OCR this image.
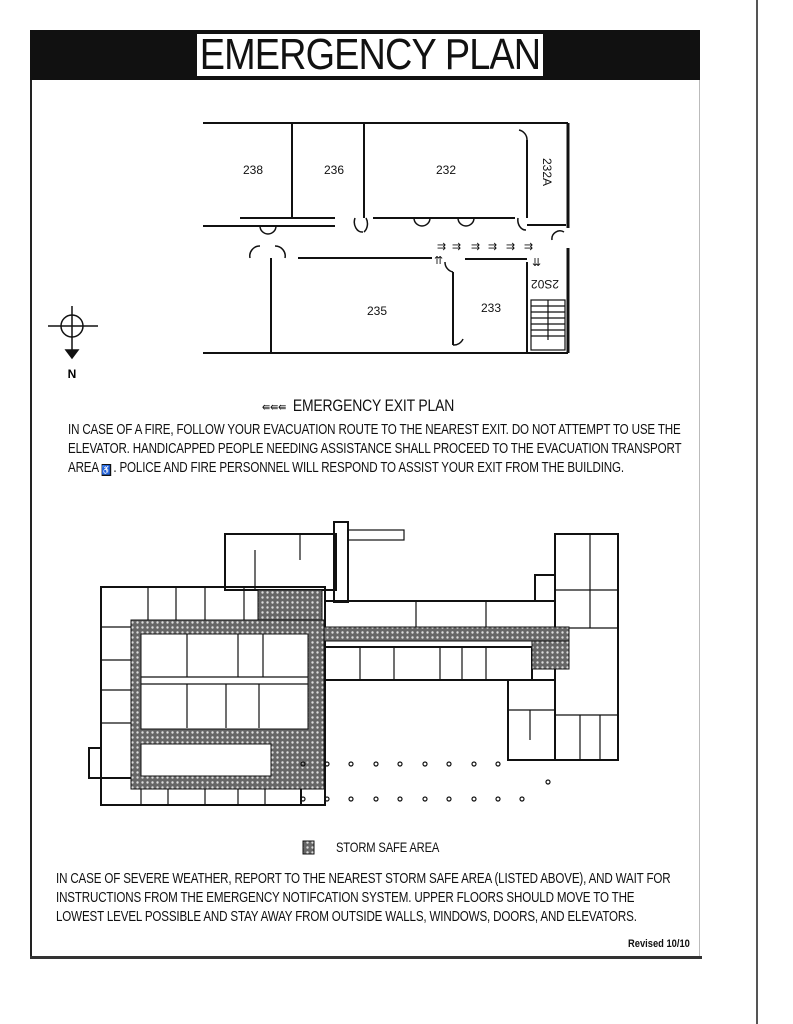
EMERGENCY PLAN
⇉ ⇉ ⇉ ⇉ ⇉ ⇉
⇈	⇊
238	236	232	232A
235	233
2S02
N
⇚⇚⇚ EMERGENCY EXIT PLAN
IN CASE OF A FIRE, FOLLOW YOUR EVACUATION ROUTE TO THE NEAREST EXIT. DO NOT ATTEMPT TO USE THE
ELEVATOR. HANDICAPPED PEOPLE NEEDING ASSISTANCE SHALL PROCEED TO THE EVACUATION TRANSPORT
AREA ♿ . POLICE AND FIRE PERSONNEL WILL RESPOND TO ASSIST YOUR EXIT FROM THE BUILDING.
STORM SAFE AREA
IN CASE OF SEVERE WEATHER, REPORT TO THE NEAREST STORM SAFE AREA (LISTED ABOVE), AND WAIT FOR
INSTRUCTIONS FROM THE EMERGENCY NOTIFCATION SYSTEM. UPPER FLOORS SHOULD MOVE TO THE
LOWEST LEVEL POSSIBLE AND STAY AWAY FROM OUTSIDE WALLS, WINDOWS, DOORS, AND ELEVATORS.
Revised 10/10
